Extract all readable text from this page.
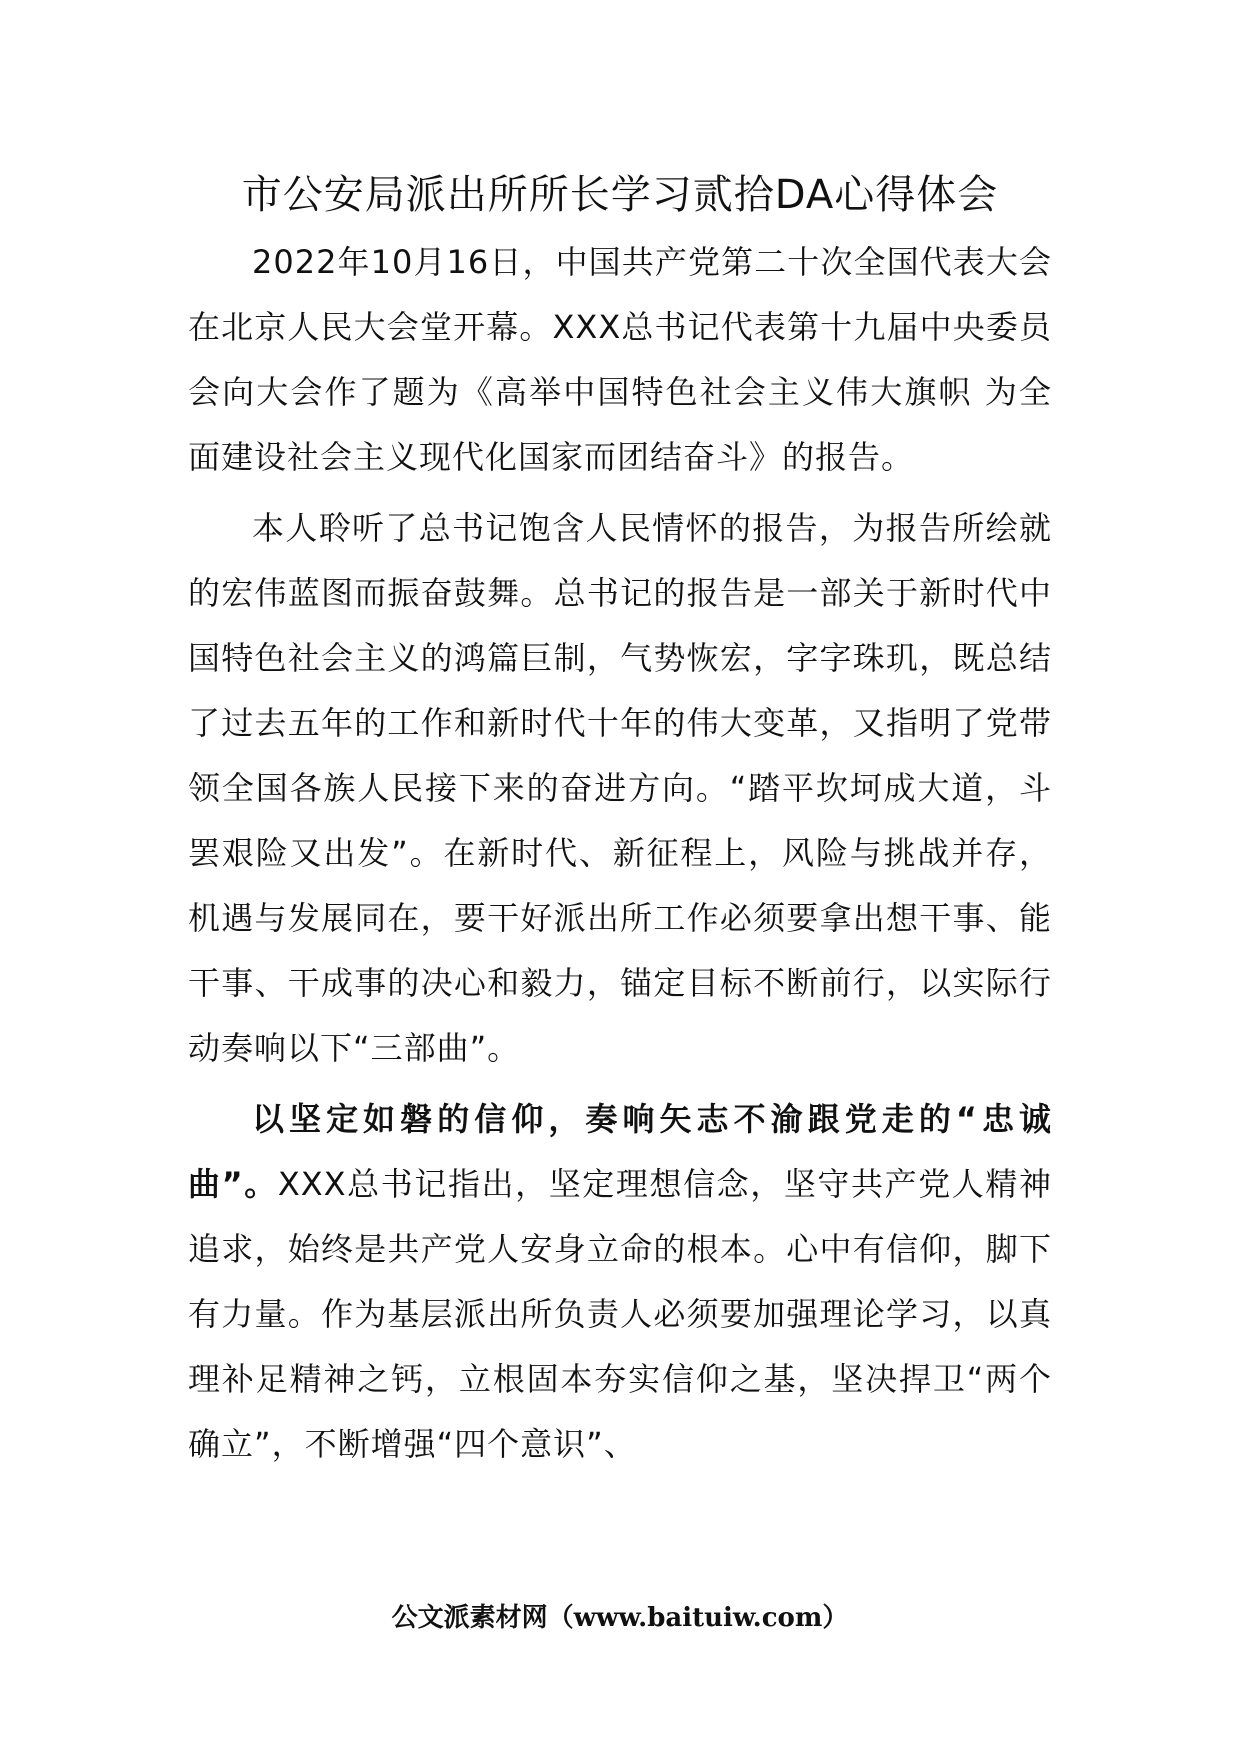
市公安局派出所所长学习贰拾DA心得体会

2022年10月16日，中国共产党第二十次全国代表大会在北京人民大会堂开幕。XXX总书记代表第十九届中央委员会向大会作了题为《高举中国特色社会主义伟大旗帜 为全面建设社会主义现代化国家而团结奋斗》的报告。

本人聆听了总书记饱含人民情怀的报告，为报告所绘就的宏伟蓝图而振奋鼓舞。总书记的报告是一部关于新时代中国特色社会主义的鸿篇巨制，气势恢宏，字字珠玑，既总结了过去五年的工作和新时代十年的伟大变革，又指明了党带领全国各族人民接下来的奋进方向。“踏平坎坷成大道，斗罢艰险又出发”。在新时代、新征程上，风险与挑战并存，机遇与发展同在，要干好派出所工作必须要拿出想干事、能干事、干成事的决心和毅力，锚定目标不断前行，以实际行动奏响以下“三部曲”。

以坚定如磐的信仰，奏响矢志不渝跟党走的“忠诚曲”。XXX总书记指出，坚定理想信念，坚守共产党人精神追求，始终是共产党人安身立命的根本。心中有信仰，脚下有力量。作为基层派出所负责人必须要加强理论学习，以真理补足精神之钙，立根固本夯实信仰之基，坚决捍卫“两个确立”，不断增强“四个意识”、

公文派素材网（www.baituiw.com）
